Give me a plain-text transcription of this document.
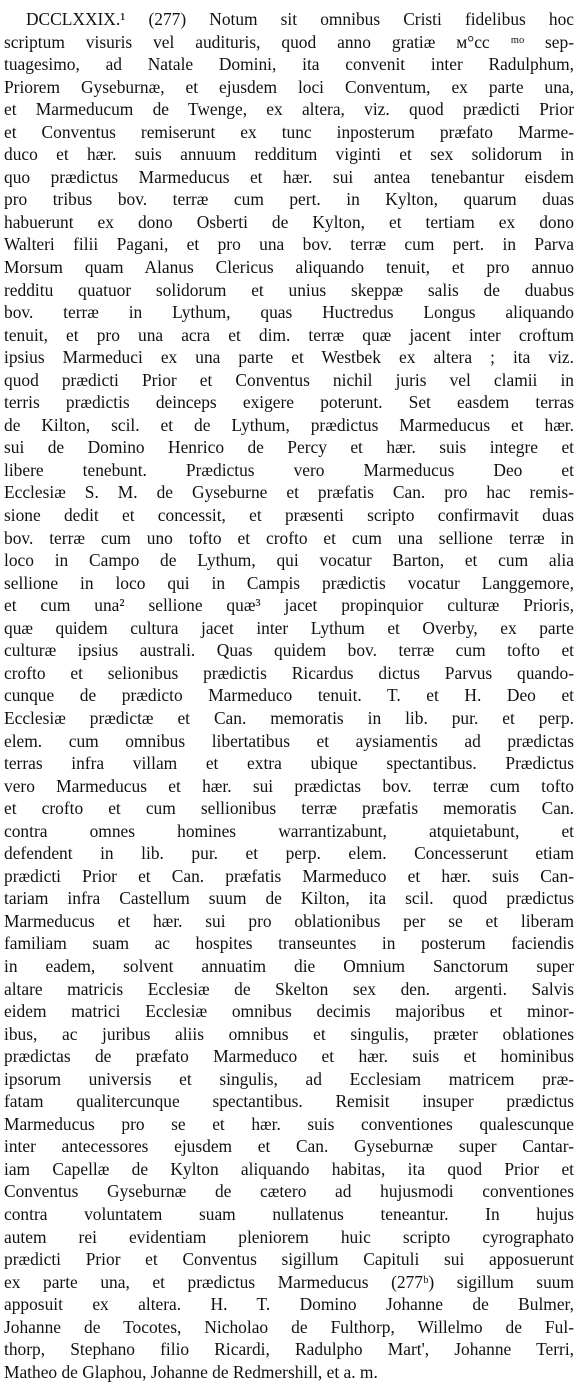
DCCLXXIX.¹ (277) Notum sit omnibus Cristi fidelibus hoc
scriptum visuris vel audituris, quod anno gratiæ ᴍ°cc ᵐᵒ sep-
tuagesimo, ad Natale Domini, ita convenit inter Radulphum,
Priorem Gyseburnæ, et ejusdem loci Conventum, ex parte una,
et Marmeducum de Twenge, ex altera, viz. quod prædicti Prior
et Conventus remiserunt ex tunc inposterum præfato Marme-
duco et hær. suis annuum redditum viginti et sex solidorum in
quo prædictus Marmeducus et hær. sui antea tenebantur eisdem
pro tribus bov. terræ cum pert. in Kylton, quarum duas
habuerunt ex dono Osberti de Kylton, et tertiam ex dono
Walteri filii Pagani, et pro una bov. terræ cum pert. in Parva
Morsum quam Alanus Clericus aliquando tenuit, et pro annuo
redditu quatuor solidorum et unius skeppæ salis de duabus
bov. terræ in Lythum, quas Huctredus Longus aliquando
tenuit, et pro una acra et dim. terræ quæ jacent inter croftum
ipsius Marmeduci ex una parte et Westbek ex altera ; ita viz.
quod prædicti Prior et Conventus nichil juris vel clamii in
terris prædictis deinceps exigere poterunt. Set easdem terras
de Kilton, scil. et de Lythum, prædictus Marmeducus et hær.
sui de Domino Henrico de Percy et hær. suis integre et
libere tenebunt. Prædictus vero Marmeducus Deo et
Ecclesiæ S. M. de Gyseburne et præfatis Can. pro hac remis-
sione dedit et concessit, et præsenti scripto confirmavit duas
bov. terræ cum uno tofto et crofto et cum una sellione terræ in
loco in Campo de Lythum, qui vocatur Barton, et cum alia
sellione in loco qui in Campis prædictis vocatur Langgemore,
et cum una² sellione quæ³ jacet propinquior culturæ Prioris,
quæ quidem cultura jacet inter Lythum et Overby, ex parte
culturæ ipsius australi. Quas quidem bov. terræ cum tofto et
crofto et selionibus prædictis Ricardus dictus Parvus quando-
cunque de prædicto Marmeduco tenuit. T. et H. Deo et
Ecclesiæ prædictæ et Can. memoratis in lib. pur. et perp.
elem. cum omnibus libertatibus et aysiamentis ad prædictas
terras infra villam et extra ubique spectantibus. Prædictus
vero Marmeducus et hær. sui prædictas bov. terræ cum tofto
et crofto et cum sellionibus terræ præfatis memoratis Can.
contra omnes homines warrantizabunt, atquietabunt, et
defendent in lib. pur. et perp. elem. Concesserunt etiam
prædicti Prior et Can. præfatis Marmeduco et hær. suis Can-
tariam infra Castellum suum de Kilton, ita scil. quod prædictus
Marmeducus et hær. sui pro oblationibus per se et liberam
familiam suam ac hospites transeuntes in posterum faciendis
in eadem, solvent annuatim die Omnium Sanctorum super
altare matricis Ecclesiæ de Skelton sex den. argenti. Salvis
eidem matrici Ecclesiæ omnibus decimis majoribus et minor-
ibus, ac juribus aliis omnibus et singulis, præter oblationes
prædictas de præfato Marmeduco et hær. suis et hominibus
ipsorum universis et singulis, ad Ecclesiam matricem præ-
fatam qualitercunque spectantibus. Remisit insuper prædictus
Marmeducus pro se et hær. suis conventiones qualescunque
inter antecessores ejusdem et Can. Gyseburnæ super Cantar-
iam Capellæ de Kylton aliquando habitas, ita quod Prior et
Conventus Gyseburnæ de cætero ad hujusmodi conventiones
contra voluntatem suam nullatenus teneantur. In hujus
autem rei evidentiam pleniorem huic scripto cyrographato
prædicti Prior et Conventus sigillum Capituli sui apposuerunt
ex parte una, et prædictus Marmeducus (277ᵇ) sigillum suum
apposuit ex altera. H. T. Domino Johanne de Bulmer,
Johanne de Tocotes, Nicholao de Fulthorp, Willelmo de Ful-
thorp, Stephano filio Ricardi, Radulpho Mart', Johanne Terri,
Matheo de Glaphou, Johanne de Redmershill, et a. m.
